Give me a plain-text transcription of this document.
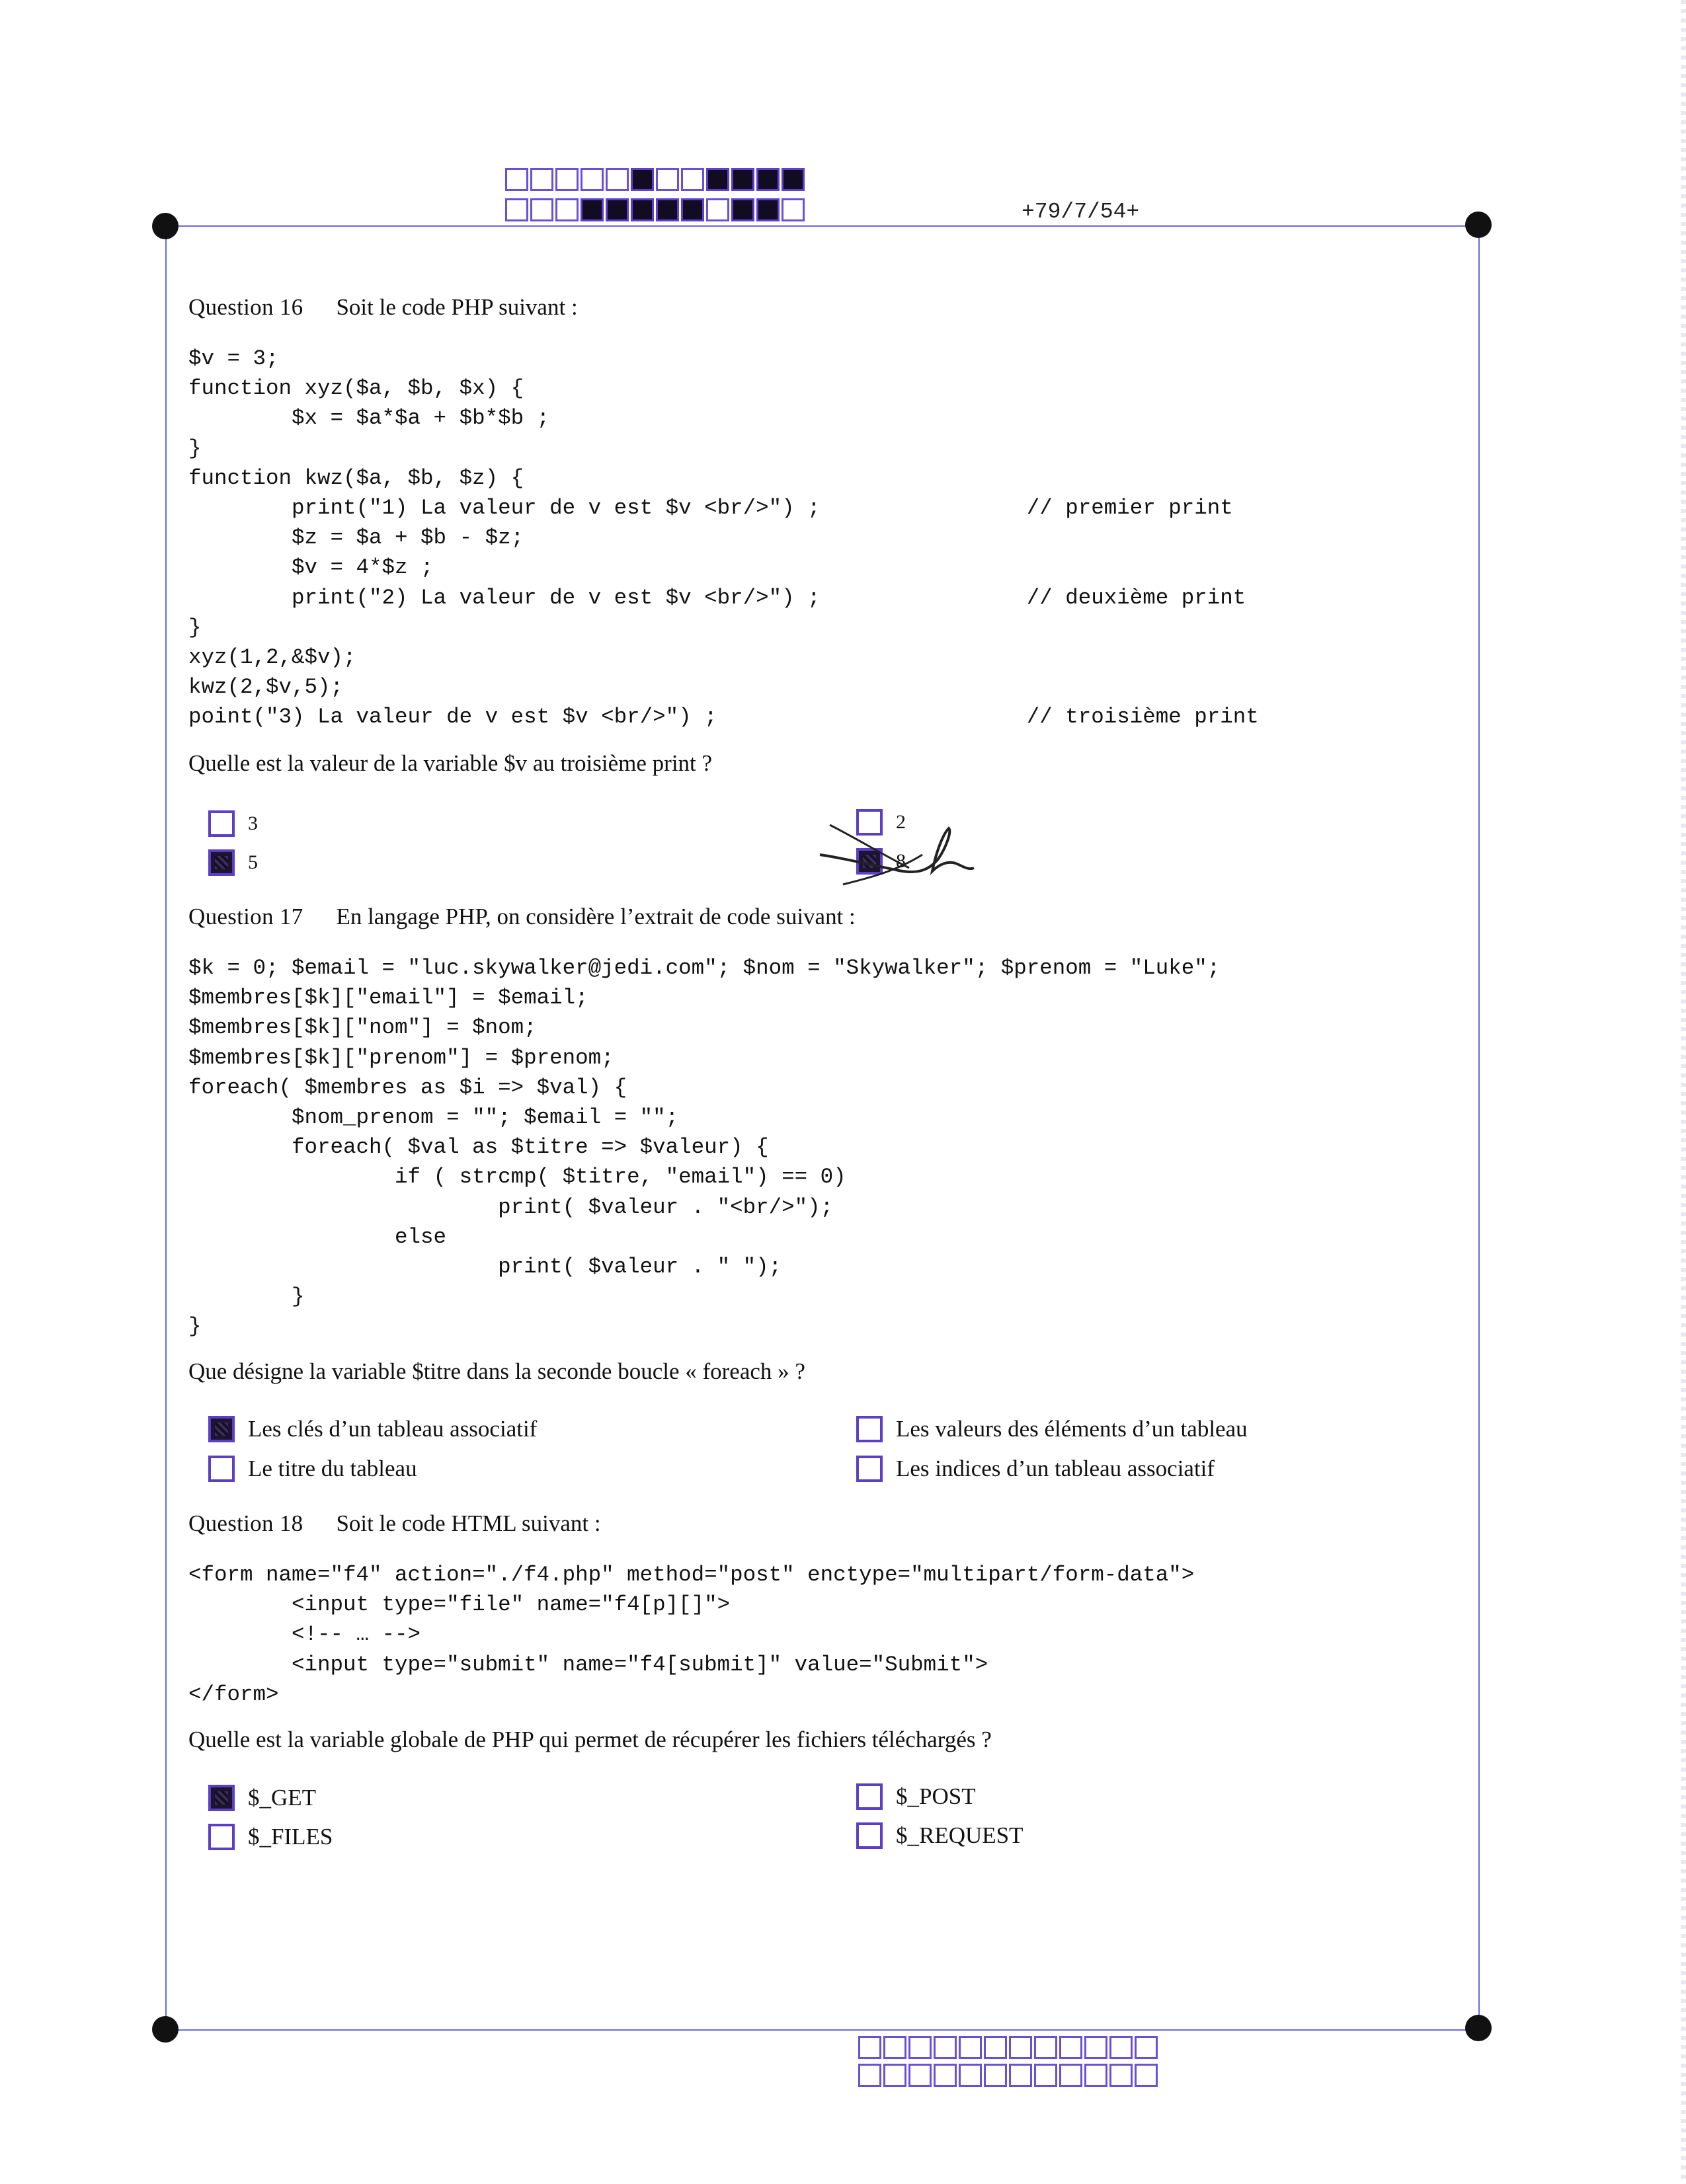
+79/7/54+
Question 16 Soit le code PHP suivant :
$v = 3;
function xyz($a, $b, $x) {
$x = $a*$a + $b*$b ;
}
function kwz($a, $b, $z) {
print("1) La valeur de v est $v <br/>") ;                // premier print
$z = $a + $b - $z;
$v = 4*$z ;
print("2) La valeur de v est $v <br/>") ;                // deuxième print
}
xyz(1,2,&$v);
kwz(2,$v,5);
point("3) La valeur de v est $v <br/>") ;                        // troisième print
Quelle est la valeur de la variable $v au troisième print ?
3	2
5	8
Question 17 En langage PHP, on considère l’extrait de code suivant :
$k = 0; $email = "luc.skywalker@jedi.com"; $nom = "Skywalker"; $prenom = "Luke";
$membres[$k]["email"] = $email;
$membres[$k]["nom"] = $nom;
$membres[$k]["prenom"] = $prenom;
foreach( $membres as $i => $val) {
$nom_prenom = ""; $email = "";
foreach( $val as $titre => $valeur) {
if ( strcmp( $titre, "email") == 0)
print( $valeur . "<br/>");
else
print( $valeur . " ");
}
}
Que désigne la variable $titre dans la seconde boucle « foreach » ?
Les clés d’un tableau associatif	Les valeurs des éléments d’un tableau
Le titre du tableau	Les indices d’un tableau associatif
Question 18 Soit le code HTML suivant :
<form name="f4" action="./f4.php" method="post" enctype="multipart/form-data">
<input type="file" name="f4[p][]">
<!-- … -->
<input type="submit" name="f4[submit]" value="Submit">
</form>
Quelle est la variable globale de PHP qui permet de récupérer les fichiers téléchargés ?
$_GET	$_POST
$_FILES	$_REQUEST
